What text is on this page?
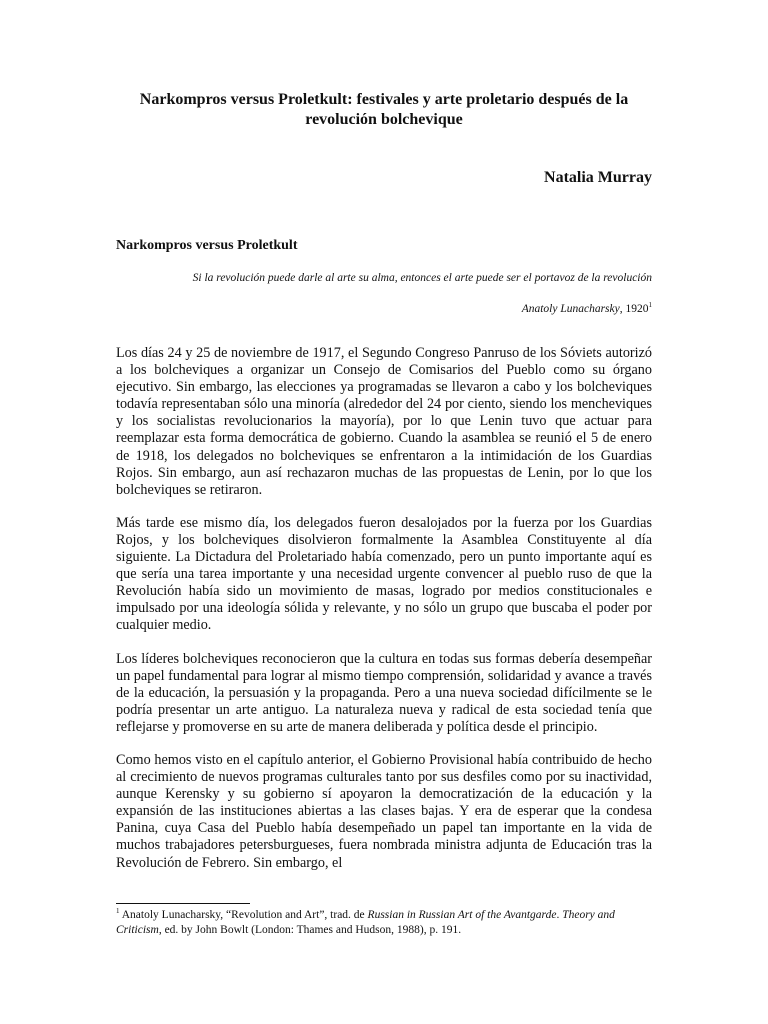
Narkompros versus Proletkult: festivales y arte proletario después de la revolución bolchevique
Natalia Murray
Narkompros versus Proletkult
Si la revolución puede darle al arte su alma, entonces el arte puede ser el portavoz de la revolución
Anatoly Lunacharsky, 1920$^1$

Los días 24 y 25 de noviembre de 1917, el Segundo Congreso Panruso de los Sóviets autorizó a los bolcheviques a organizar un Consejo de Comisarios del Pueblo como su órgano ejecutivo. Sin embargo, las elecciones ya programadas se llevaron a cabo y los bolcheviques todavía representaban sólo una minoría (alrededor del 24 por ciento, siendo los mencheviques y los socialistas revolucionarios la mayoría), por lo que Lenin tuvo que actuar para reemplazar esta forma democrática de gobierno. Cuando la asamblea se reunió el 5 de enero de 1918, los delegados no bolcheviques se enfrentaron a la intimidación de los Guardias Rojos. Sin embargo, aun así rechazaron muchas de las propuestas de Lenin, por lo que los bolcheviques se retiraron.

Más tarde ese mismo día, los delegados fueron desalojados por la fuerza por los Guardias Rojos, y los bolcheviques disolvieron formalmente la Asamblea Constituyente al día siguiente. La Dictadura del Proletariado había comenzado, pero un punto importante aquí es que sería una tarea importante y una necesidad urgente convencer al pueblo ruso de que la Revolución había sido un movimiento de masas, logrado por medios constitucionales e impulsado por una ideología sólida y relevante, y no sólo un grupo que buscaba el poder por cualquier medio.

Los líderes bolcheviques reconocieron que la cultura en todas sus formas debería desempeñar un papel fundamental para lograr al mismo tiempo comprensión, solidaridad y avance a través de la educación, la persuasión y la propaganda. Pero a una nueva sociedad difícilmente se le podría presentar un arte antiguo. La naturaleza nueva y radical de esta sociedad tenía que reflejarse y promoverse en su arte de manera deliberada y política desde el principio.

Como hemos visto en el capítulo anterior, el Gobierno Provisional había contribuido de hecho al crecimiento de nuevos programas culturales tanto por sus desfiles como por su inactividad, aunque Kerensky y su gobierno sí apoyaron la democratización de la educación y la expansión de las instituciones abiertas a las clases bajas. Y era de esperar que la condesa Panina, cuya Casa del Pueblo había desempeñado un papel tan importante en la vida de muchos trabajadores petersburgueses, fuera nombrada ministra adjunta de Educación tras la Revolución de Febrero. Sin embargo, el

$^1$ Anatoly Lunacharsky, “Revolution and Art”, trad. de Russian in Russian Art of the Avantgarde. Theory and Criticism, ed. by John Bowlt (London: Thames and Hudson, 1988), p. 191.
